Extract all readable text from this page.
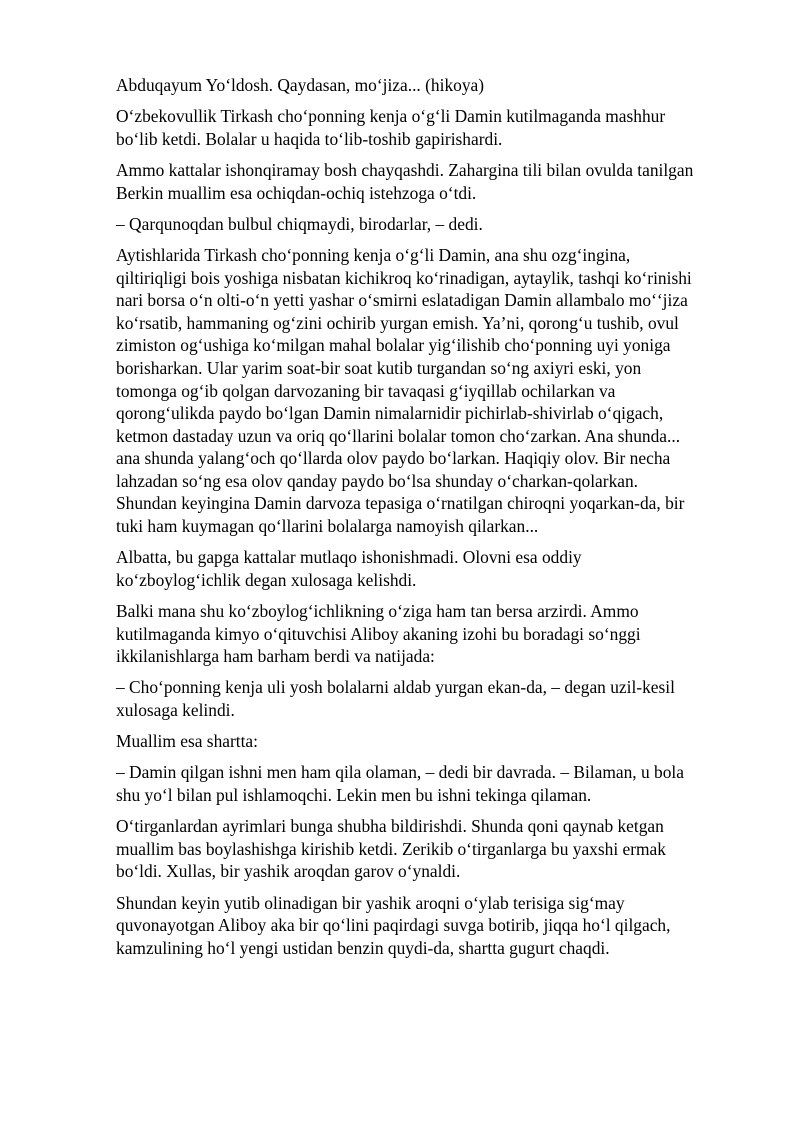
Abduqayum Yoʻldosh. Qaydasan, moʻjiza... (hikoya)

Oʻzbekovullik Tirkash choʻponning kenja oʻgʻli Damin kutilmaganda mashhur boʻlib ketdi. Bolalar u haqida toʻlib-toshib gapirishardi.

Ammo kattalar ishonqiramay bosh chayqashdi. Zahargina tili bilan ovulda tanilgan Berkin muallim esa ochiqdan-ochiq istehzoga oʻtdi.

– Qarqunoqdan bulbul chiqmaydi, birodarlar, – dedi.

Aytishlarida Tirkash choʻponning kenja oʻgʻli Damin, ana shu ozgʻingina, qiltiriqligi bois yoshiga nisbatan kichikroq koʻrinadigan, aytaylik, tashqi koʻrinishi nari borsa oʻn olti-oʻn yetti yashar oʻsmirni eslatadigan Damin allambalo moʻʻjiza koʻrsatib, hammaning ogʻzini ochirib yurgan emish. Yaʼni, qorongʻu tushib, ovul zimiston ogʻushiga koʻmilgan mahal bolalar yigʻilishib choʻponning uyi yoniga borisharkan. Ular yarim soat-bir soat kutib turgandan soʻng axiyri eski, yon tomonga ogʻib qolgan darvozaning bir tavaqasi gʻiyqillab ochilarkan va qorongʻulikda paydo boʻlgan Damin nimalarnidir pichirlab-shivirlab oʻqigach, ketmon dastaday uzun va oriq qoʻllarini bolalar tomon choʻzarkan. Ana shunda... ana shunda yalangʻoch qoʻllarda olov paydo boʻlarkan. Haqiqiy olov. Bir necha lahzadan soʻng esa olov qanday paydo boʻlsa shunday oʻcharkan-qolarkan. Shundan keyingina Damin darvoza tepasiga oʻrnatilgan chiroqni yoqarkan-da, bir tuki ham kuymagan qoʻllarini bolalarga namoyish qilarkan...

Albatta, bu gapga kattalar mutlaqo ishonishmadi. Olovni esa oddiy koʻzboylogʻichlik degan xulosaga kelishdi.

Balki mana shu koʻzboylogʻichlikning oʻziga ham tan bersa arzirdi. Ammo kutilmaganda kimyo oʻqituvchisi Aliboy akaning izohi bu boradagi soʻnggi ikkilanishlarga ham barham berdi va natijada:

– Choʻponning kenja uli yosh bolalarni aldab yurgan ekan-da, – degan uzil-kesil xulosaga kelindi.

Muallim esa shartta:

– Damin qilgan ishni men ham qila olaman, – dedi bir davrada. – Bilaman, u bola shu yoʻl bilan pul ishlamoqchi. Lekin men bu ishni tekinga qilaman.

Oʻtirganlardan ayrimlari bunga shubha bildirishdi. Shunda qoni qaynab ketgan muallim bas boylashishga kirishib ketdi. Zerikib oʻtirganlarga bu yaxshi ermak boʻldi. Xullas, bir yashik aroqdan garov oʻynaldi.

Shundan keyin yutib olinadigan bir yashik aroqni oʻylab terisiga sigʻmay quvonayotgan Aliboy aka bir qoʻlini paqirdagi suvga botirib, jiqqa hoʻl qilgach, kamzulining hoʻl yengi ustidan benzin quydi-da, shartta gugurt chaqdi.
